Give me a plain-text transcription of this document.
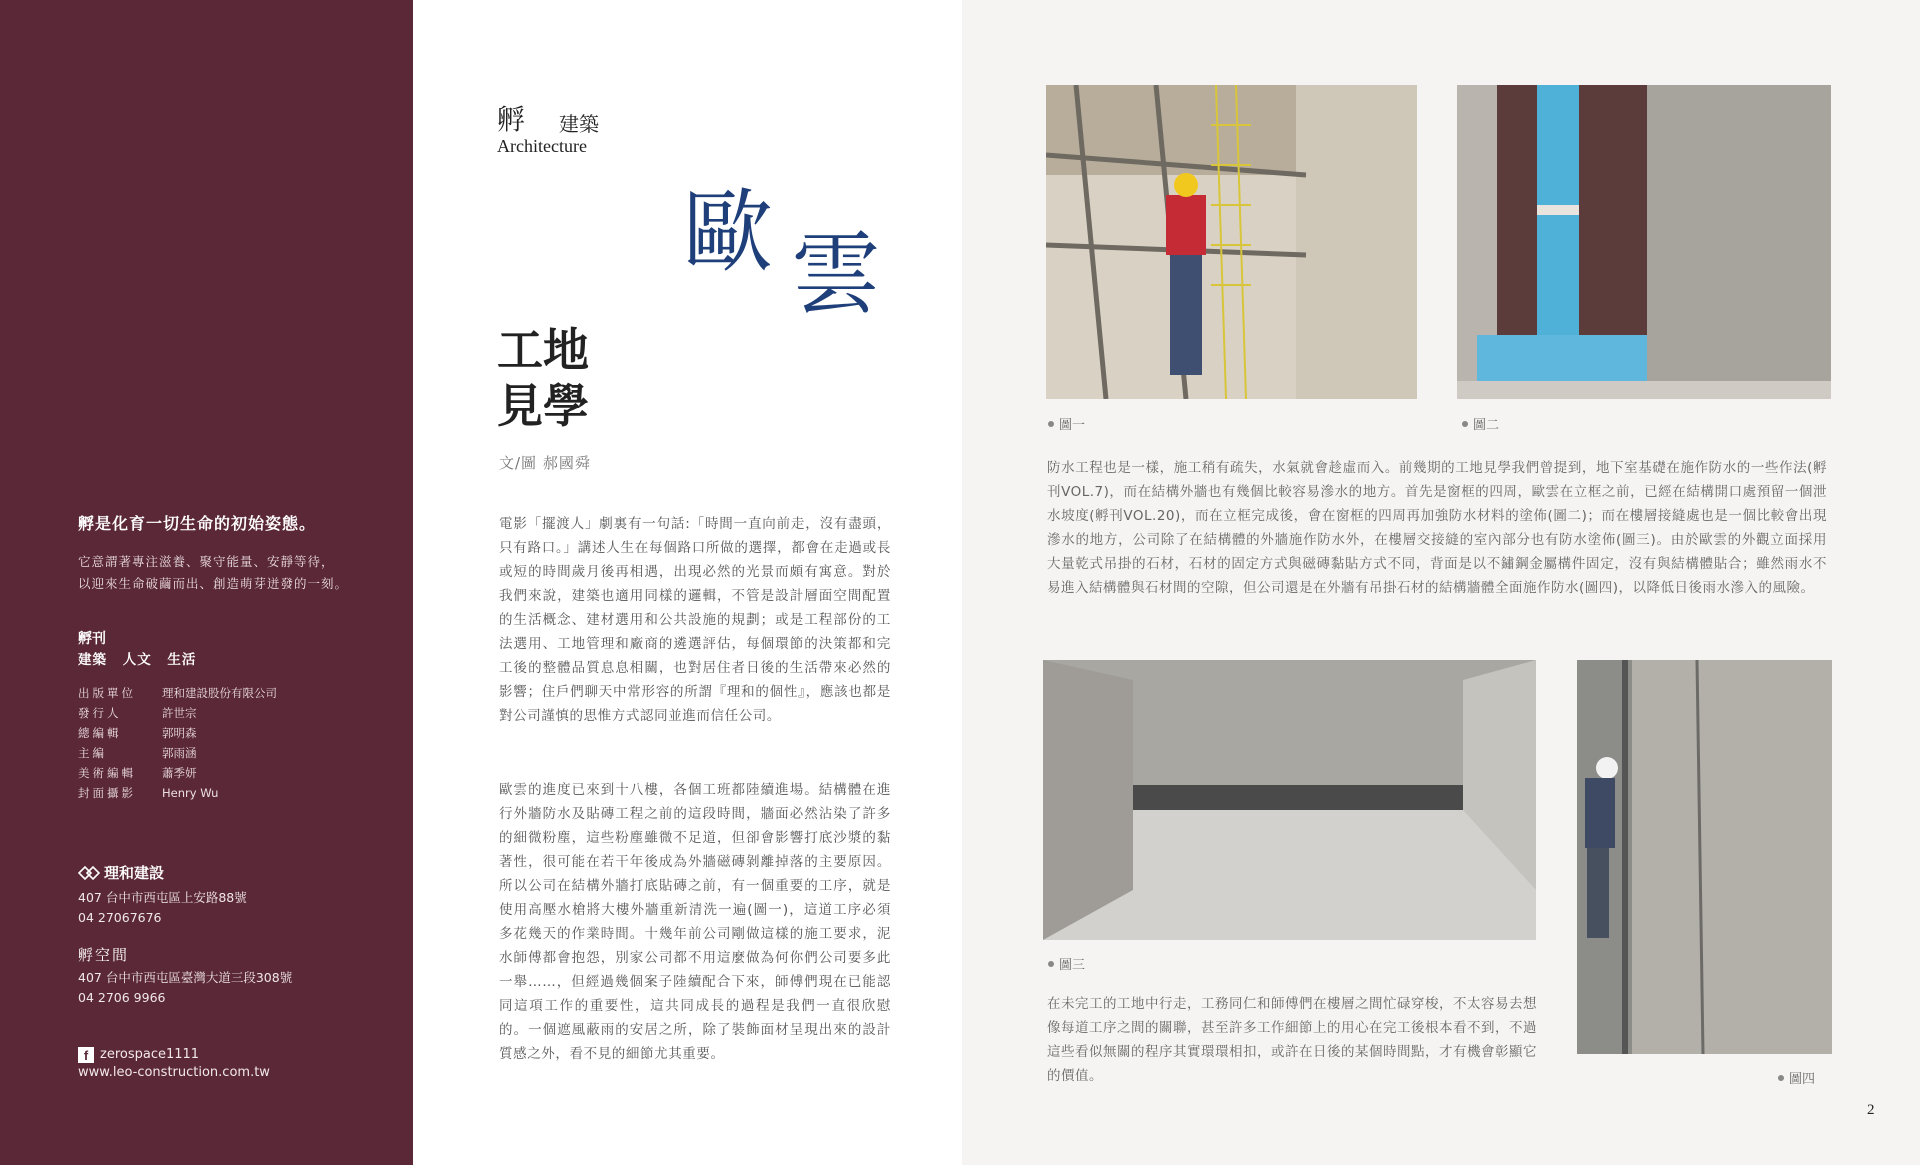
孵是化育一切生命的初始姿態。
它意謂著專注滋養、聚守能量、安靜等待，
以迎來生命破繭而出、創造萌芽迸發的一刻。
孵刊
建築 人文 生活
出版單位	理和建設股份有限公司
發行人	許世宗
總編輯	郭明森
主編	郭雨涵
美術編輯	蕭季妍
封面攝影	Henry Wu
理和建設
407 台中市西屯區上安路88號
04 27067676
孵空間
407 台中市西屯區臺灣大道三段308號
04 2706 9966
f zerospace1111
www.leo-construction.com.tw
孵 建築
Architecture
歐 雲
工地
見學
文/圖 郝國舜

電影「擺渡人」劇裏有一句話:「時間一直向前走，沒有盡頭，只有路口。」講述人生在每個路口所做的選擇，都會在走過或長或短的時間歲月後再相遇，出現必然的光景而頗有寓意。對於我們來說，建築也適用同樣的邏輯，不管是設計層面空間配置的生活概念、建材選用和公共設施的規劃；或是工程部份的工法選用、工地管理和廠商的遴選評估，每個環節的決策都和完工後的整體品質息息相關，也對居住者日後的生活帶來必然的影響；住戶們聊天中常形容的所謂『理和的個性』，應該也都是對公司謹慎的思惟方式認同並進而信任公司。

歐雲的進度已來到十八樓，各個工班都陸續進場。結構體在進行外牆防水及貼磚工程之前的這段時間，牆面必然沾染了許多的細微粉塵，這些粉塵雖微不足道，但卻會影響打底沙漿的黏著性，很可能在若干年後成為外牆磁磚剝離掉落的主要原因。所以公司在結構外牆打底貼磚之前，有一個重要的工序，就是使用高壓水槍將大樓外牆重新清洗一遍(圖一)，這道工序必須多花幾天的作業時間。十幾年前公司剛做這樣的施工要求，泥水師傅都會抱怨，別家公司都不用這麼做為何你們公司要多此一舉……，但經過幾個案子陸續配合下來，師傅們現在已能認同這項工作的重要性，這共同成長的過程是我們一直很欣慰的。一個遮風蔽雨的安居之所，除了裝飾面材呈現出來的設計質感之外，看不見的細節尤其重要。

圖一	圖二

防水工程也是一樣，施工稍有疏失，水氣就會趁虛而入。前幾期的工地見學我們曾提到，地下室基礎在施作防水的一些作法(孵刊VOL.7)，而在結構外牆也有幾個比較容易滲水的地方。首先是窗框的四周，歐雲在立框之前，已經在結構開口處預留一個泄水坡度(孵刊VOL.20)，而在立框完成後，會在窗框的四周再加強防水材料的塗佈(圖二)；而在樓層接縫處也是一個比較會出現滲水的地方，公司除了在結構體的外牆施作防水外，在樓層交接縫的室內部分也有防水塗佈(圖三)。由於歐雲的外觀立面採用大量乾式吊掛的石材，石材的固定方式與磁磚黏貼方式不同，背面是以不鏽鋼金屬構件固定，沒有與結構體貼合；雖然雨水不易進入結構體與石材間的空隙，但公司還是在外牆有吊掛石材的結構牆體全面施作防水(圖四)，以降低日後雨水滲入的風險。

圖三

在未完工的工地中行走，工務同仁和師傅們在樓層之間忙碌穿梭，不太容易去想像每道工序之間的關聯，甚至許多工作細節上的用心在完工後根本看不到，不過這些看似無關的程序其實環環相扣，或許在日後的某個時間點，才有機會彰顯它的價值。	圖四
2
